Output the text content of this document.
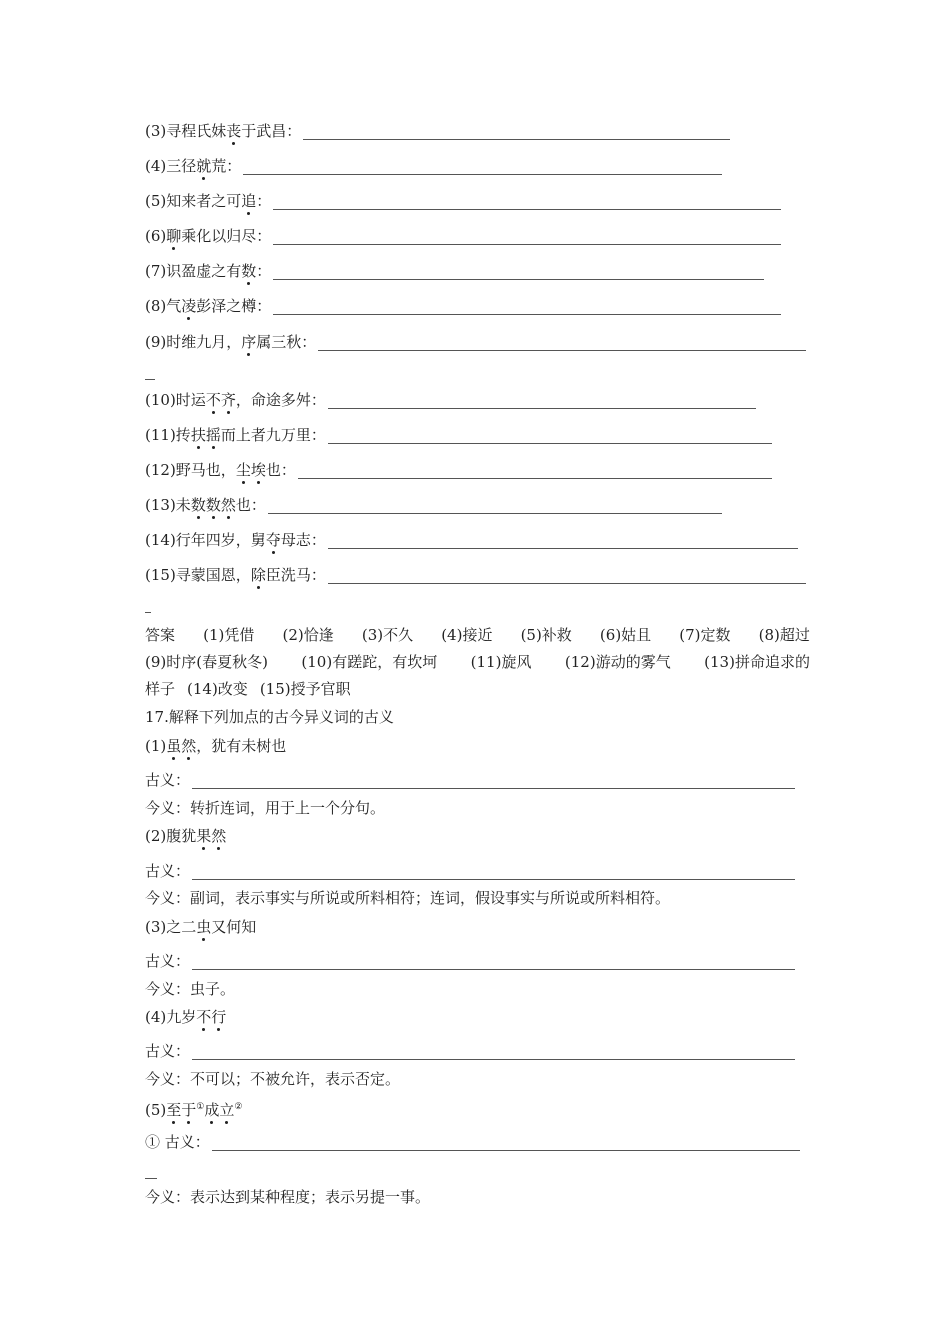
(3) 寻程氏妹 丧 于武昌：
(4) 三径 就 荒：
(5) 知来者之可 追 ：
(6) 聊 乘化以归尽：
(7) 识盈虚之有 数 ：
(8) 气 凌 彭泽之樽：
(9) 时维九月， 序 属三秋：
(10) 时运 不齐 ，命途多舛：
(11) 抟 扶摇 而上者九万里：
(12) 野马也， 尘埃 也：
(13) 未 数数然 也：
(14) 行年四岁，舅 夺 母志：
(15) 寻蒙国恩， 除 臣洗马：
答案 (1)凭借 (2)恰逢 (3)不久 (4)接近 (5)补救 (6)姑且 (7)定数 (8)超过
(9)时序(春夏秋冬) (10)有蹉跎，有坎坷 (11)旋风 (12)游动的雾气 (13)拼命追求的
样子 (14)改变 (15)授予官职
17.解释下列加点的古今异义词的古义
(1)虽然，犹有未树也
古义：
今义：转折连词，用于上一个分句。
(2)腹犹果然
古义：
今义：副词，表示事实与所说或所料相符；连词，假设事实与所说或所料相符。
(3)之二虫又何知
古义：
今义：虫子。
(4)九岁不行
古义：
今义：不可以；不被允许，表示否定。
(5)至于①成立②
① 古义：
今义：表示达到某种程度；表示另提一事。
